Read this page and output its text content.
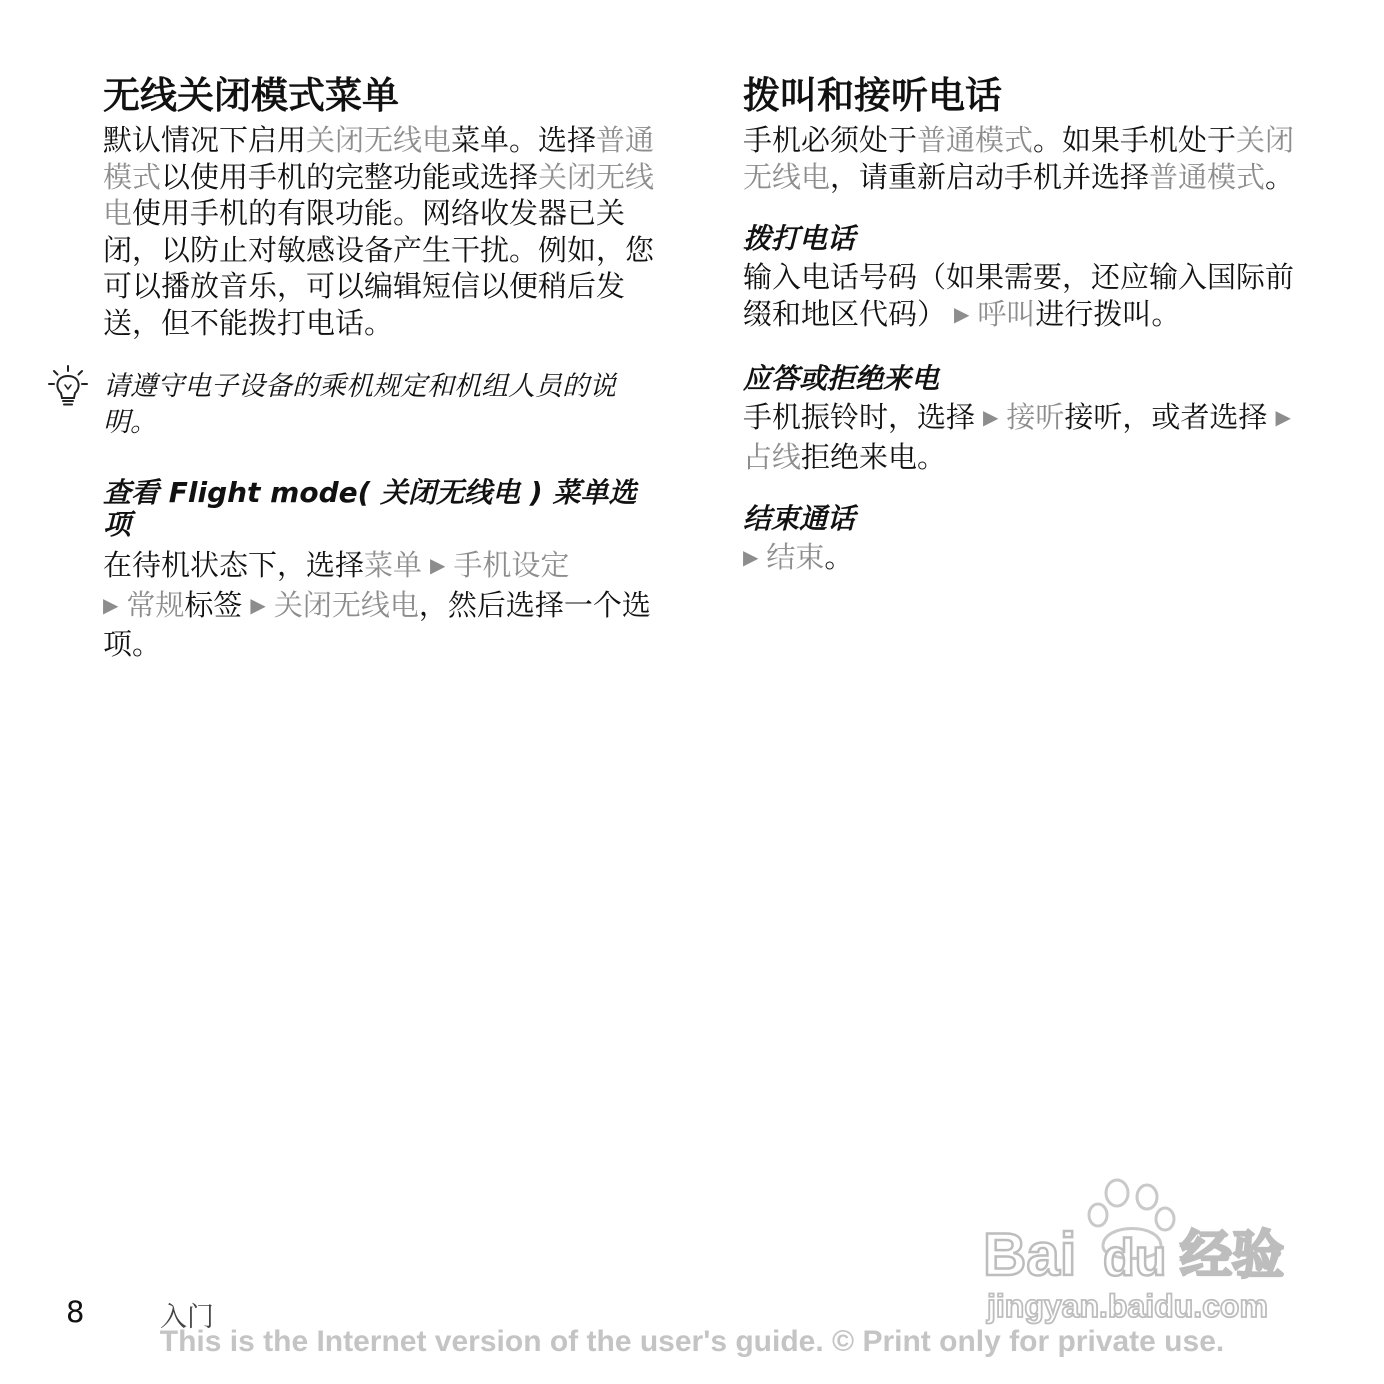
无线关闭模式菜单

默认情况下启用关闭无线电菜单。选择普通模式以使用手机的完整功能或选择关闭无线电使用手机的有限功能。网络收发器已关闭，以防止对敏感设备产生干扰。例如，您可以播放音乐，可以编辑短信以便稍后发送，但不能拨打电话。

请遵守电子设备的乘机规定和机组人员的说明。

查看 Flight mode( 关闭无线电 ) 菜单选项

在待机状态下，选择菜单 ▶ 手机设定
▶ 常规标签 ▶ 关闭无线电，然后选择一个选项。

拨叫和接听电话

手机必须处于普通模式。如果手机处于关闭无线电，请重新启动手机并选择普通模式。

拨打电话

输入电话号码（如果需要，还应输入国际前缀和地区代码） ▶ 呼叫进行拨叫。

应答或拒绝来电

手机振铃时，选择 ▶ 接听接听，或者选择 ▶占线拒绝来电。

结束通话

▶ 结束。

Bai du 经验
jingyan.baidu.com
8	入门
This is the Internet version of the user's guide. © Print only for private use.
